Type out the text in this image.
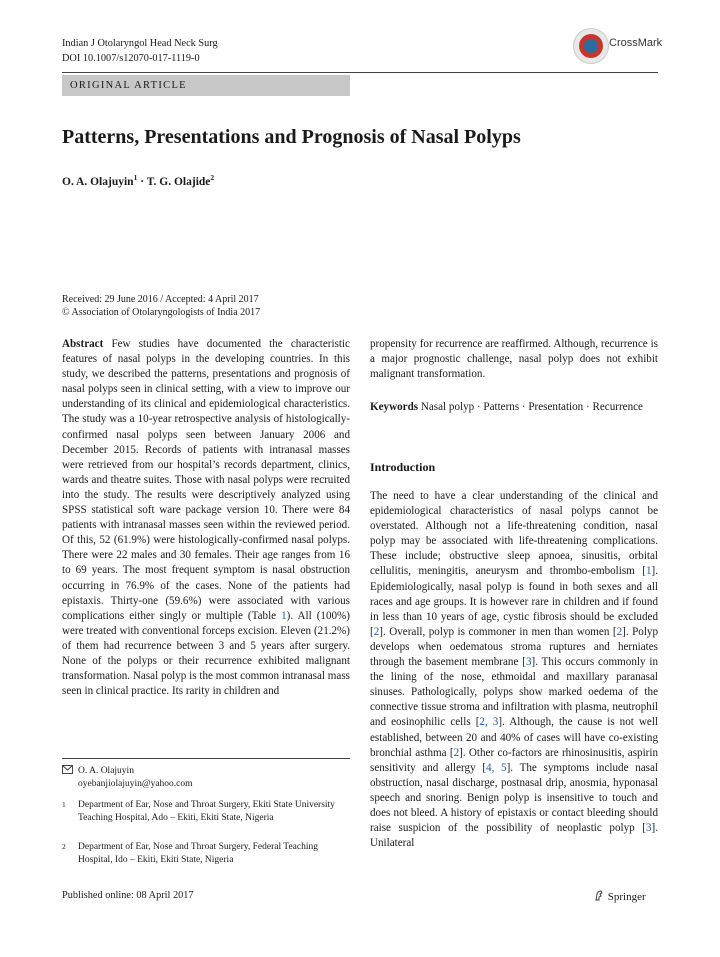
Indian J Otolaryngol Head Neck Surg
DOI 10.1007/s12070-017-1119-0
CrossMark
ORIGINAL ARTICLE
Patterns, Presentations and Prognosis of Nasal Polyps
O. A. Olajuyin$^1$ · T. G. Olajide$^2$
Received: 29 June 2016 / Accepted: 4 April 2017
© Association of Otolaryngologists of India 2017
Abstract Few studies have documented the characteristic features of nasal polyps in the developing countries. In this study, we described the patterns, presentations and prognosis of nasal polyps seen in clinical setting, with a view to improve our understanding of its clinical and epidemiological characteristics. The study was a 10-year retrospective analysis of histologically-confirmed nasal polyps seen between January 2006 and December 2015. Records of patients with intranasal masses were retrieved from our hospital’s records department, clinics, wards and theatre suites. Those with nasal polyps were recruited into the study. The results were descriptively analyzed using SPSS statistical soft ware package version 10. There were 84 patients with intranasal masses seen within the reviewed period. Of this, 52 (61.9%) were histologically-confirmed nasal polyps. There were 22 males and 30 females. Their age ranges from 16 to 69 years. The most frequent symptom is nasal obstruction occurring in 76.9% of the cases. None of the patients had epistaxis. Thirty-one (59.6%) were associated with various complications either singly or multiple (Table 1). All (100%) were treated with conventional forceps excision. Eleven (21.2%) of them had recurrence between 3 and 5 years after surgery. None of the polyps or their recurrence exhibited malignant transformation. Nasal polyp is the most common intranasal mass seen in clinical practice. Its rarity in children and
propensity for recurrence are reaffirmed. Although, recurrence is a major prognostic challenge, nasal polyp does not exhibit malignant transformation.
Keywords Nasal polyp · Patterns · Presentation · Recurrence
Introduction
The need to have a clear understanding of the clinical and epidemiological characteristics of nasal polyps cannot be overstated. Although not a life-threatening condition, nasal polyp may be associated with life-threatening complications. These include; obstructive sleep apnoea, sinusitis, orbital cellulitis, meningitis, aneurysm and thrombo-embolism [1]. Epidemiologically, nasal polyp is found in both sexes and all races and age groups. It is however rare in children and if found in less than 10 years of age, cystic fibrosis should be excluded [2]. Overall, polyp is commoner in men than women [2]. Polyp develops when oedematous stroma ruptures and herniates through the basement membrane [3]. This occurs commonly in the lining of the nose, ethmoidal and maxillary paranasal sinuses. Pathologically, polyps show marked oedema of the connective tissue stroma and infiltration with plasma, neutrophil and eosinophilic cells [2, 3]. Although, the cause is not well established, between 20 and 40% of cases will have co-existing bronchial asthma [2]. Other co-factors are rhinosinusitis, aspirin sensitivity and allergy [4, 5]. The symptoms include nasal obstruction, nasal discharge, postnasal drip, anosmia, hyponasal speech and snoring. Benign polyp is insensitive to touch and does not bleed. A history of epistaxis or contact bleeding should raise suspicion of the possibility of neoplastic polyp [3]. Unilateral
O. A. Olajuyin
oyebanjiolajuyin@yahoo.com
1 Department of Ear, Nose and Throat Surgery, Ekiti State University Teaching Hospital, Ado – Ekiti, Ekiti State, Nigeria
2 Department of Ear, Nose and Throat Surgery, Federal Teaching Hospital, Ido – Ekiti, Ekiti State, Nigeria
Published online: 08 April 2017	Springer
